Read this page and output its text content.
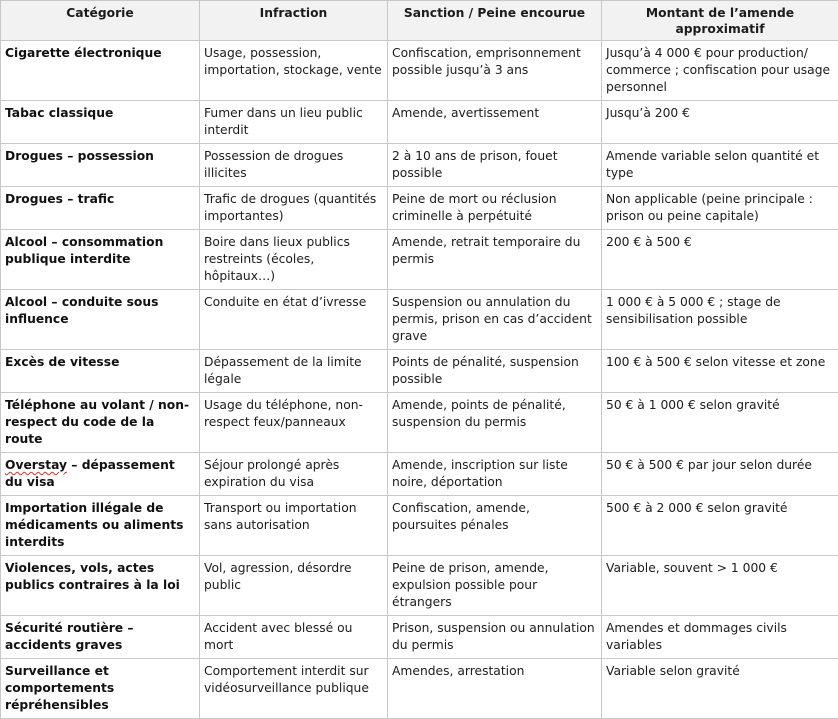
Catégorie	Infraction	Sanction / Peine encourue	Montant de l’amende approximatif
Cigarette électronique	Usage, possession, importation, stockage, vente	Confiscation, emprisonnement possible jusqu’à 3 ans	Jusqu’à 4 000 € pour production/ commerce ; confiscation pour usage personnel
Tabac classique	Fumer dans un lieu public interdit	Amende, avertissement	Jusqu’à 200 €
Drogues – possession	Possession de drogues illicites	2 à 10 ans de prison, fouet possible	Amende variable selon quantité et type
Drogues – trafic	Trafic de drogues (quantités importantes)	Peine de mort ou réclusion criminelle à perpétuité	Non applicable (peine principale : prison ou peine capitale)
Alcool – consommation publique interdite	Boire dans lieux publics restreints (écoles, hôpitaux…)	Amende, retrait temporaire du permis	200 € à 500 €
Alcool – conduite sous influence	Conduite en état d’ivresse	Suspension ou annulation du permis, prison en cas d’accident grave	1 000 € à 5 000 € ; stage de sensibilisation possible
Excès de vitesse	Dépassement de la limite légale	Points de pénalité, suspension possible	100 € à 500 € selon vitesse et zone
Téléphone au volant / non-respect du code de la route	Usage du téléphone, non-respect feux/panneaux	Amende, points de pénalité, suspension du permis	50 € à 1 000 € selon gravité
Overstay – dépassement du visa	Séjour prolongé après expiration du visa	Amende, inscription sur liste noire, déportation	50 € à 500 € par jour selon durée
Importation illégale de médicaments ou aliments interdits	Transport ou importation sans autorisation	Confiscation, amende, poursuites pénales	500 € à 2 000 € selon gravité
Violences, vols, actes publics contraires à la loi	Vol, agression, désordre public	Peine de prison, amende, expulsion possible pour étrangers	Variable, souvent > 1 000 €
Sécurité routière – accidents graves	Accident avec blessé ou mort	Prison, suspension ou annulation du permis	Amendes et dommages civils variables
Surveillance et comportements répréhensibles	Comportement interdit sur vidéosurveillance publique	Amendes, arrestation	Variable selon gravité
